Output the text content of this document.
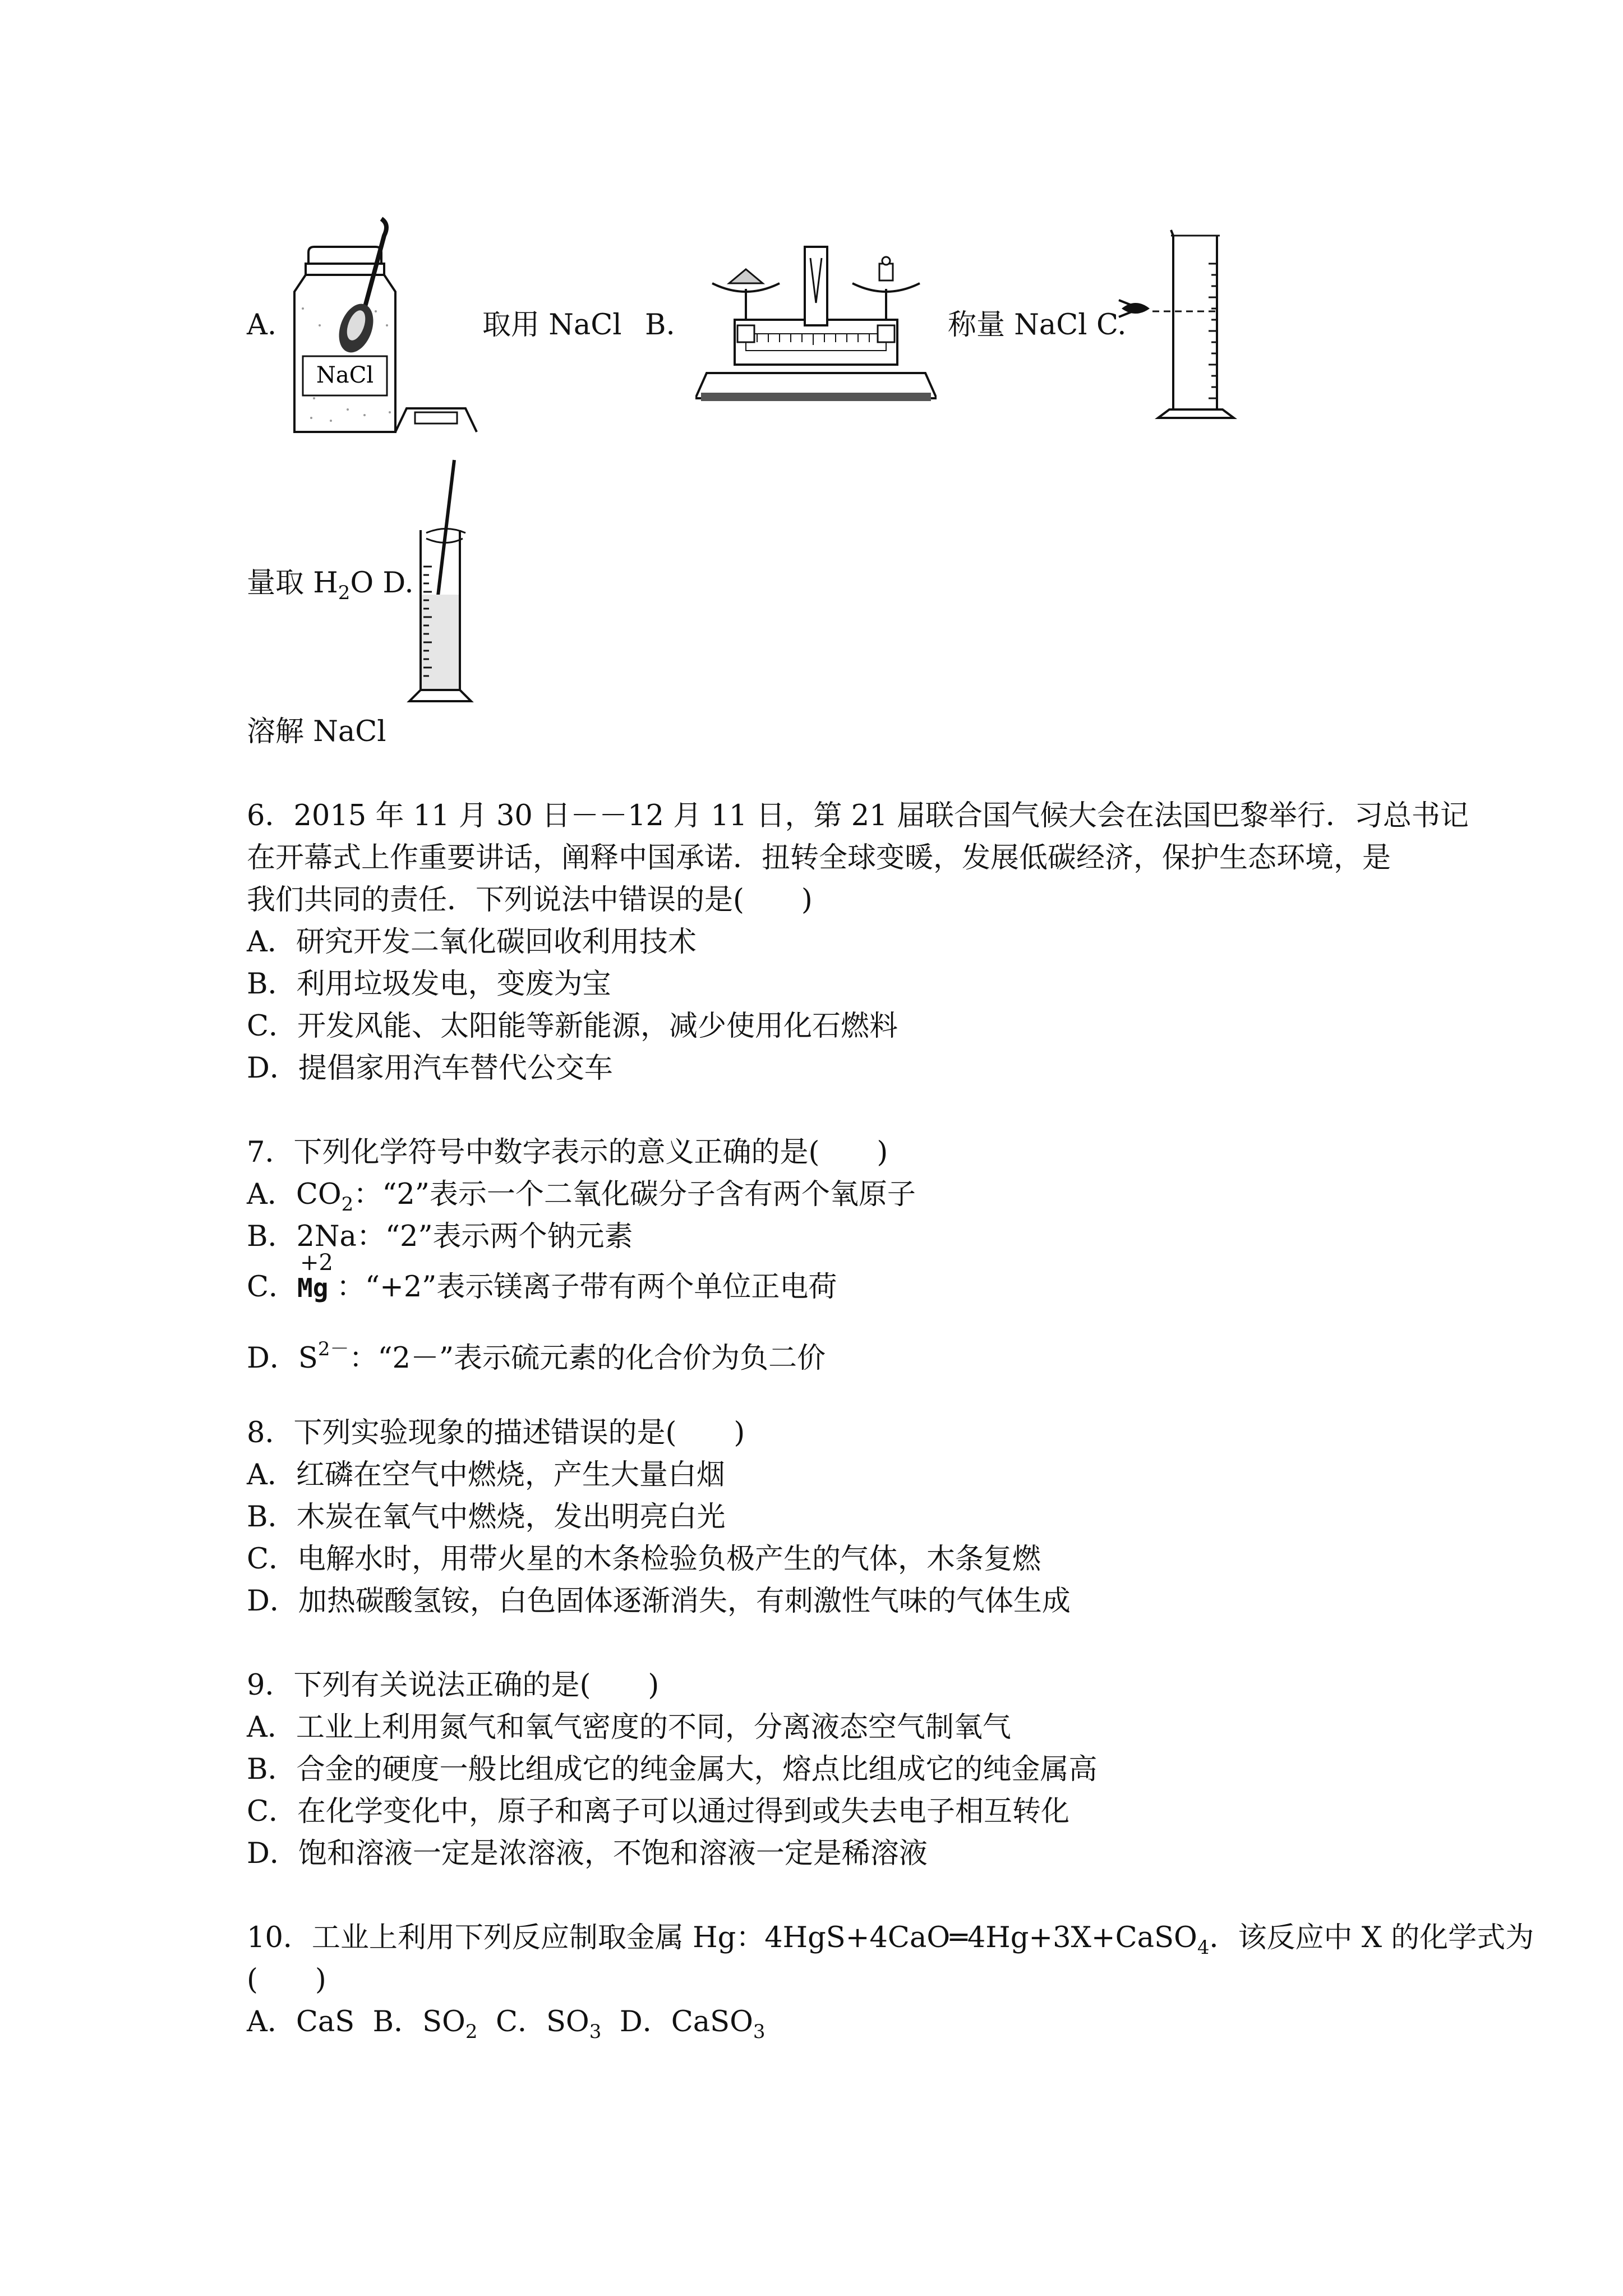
A.
NaCl
取用 NaCl B.	称量 NaCl C.
量取 $H_2O$ D.
溶解 NaCl
6．2015 年 11 月 30 日－－12 月 11 日，第 21 届联合国气候大会在法国巴黎举行．习总书记
在开幕式上作重要讲话，阐释中国承诺．扭转全球变暖，发展低碳经济，保护生态环境，是
我们共同的责任．下列说法中错误的是(　　)
A．研究开发二氧化碳回收利用技术
B．利用垃圾发电，变废为宝
C．开发风能、太阳能等新能源，减少使用化石燃料
D．提倡家用汽车替代公交车
7．下列化学符号中数字表示的意义正确的是(　　)
A．$CO_2$：“2”表示一个二氧化碳分子含有两个氧原子
B．2Na：“2”表示两个钠元素
C．
+2
Mg ：“+2”表示镁离子带有两个单位正电荷
D．$S^{2-}$：“2－”表示硫元素的化合价为负二价
8．下列实验现象的描述错误的是(　　)
A．红磷在空气中燃烧，产生大量白烟
B．木炭在氧气中燃烧，发出明亮白光
C．电解水时，用带火星的木条检验负极产生的气体，木条复燃
D．加热碳酸氢铵，白色固体逐渐消失，有刺激性气味的气体生成
9．下列有关说法正确的是(　　)
A．工业上利用氮气和氧气密度的不同，分离液态空气制氧气
B．合金的硬度一般比组成它的纯金属大，熔点比组成它的纯金属高
C．在化学变化中，原子和离子可以通过得到或失去电子相互转化
D．饱和溶液一定是浓溶液，不饱和溶液一定是稀溶液
10．工业上利用下列反应制取金属 Hg：4HgS+4CaO═4Hg+3X+CaSO$_4$．该反应中 X 的化学式为
(　　)
A．CaS B．$SO_2$ C．$SO_3$ D．CaSO$_3$
